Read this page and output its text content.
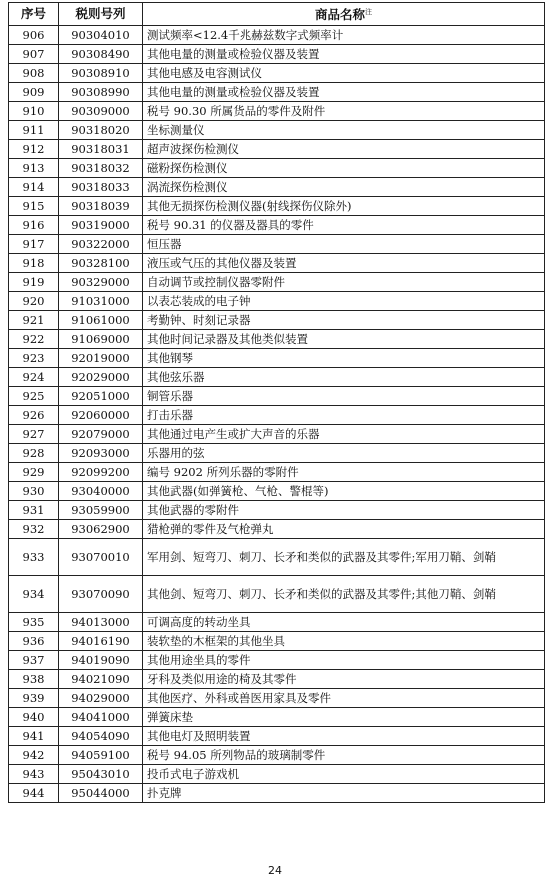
序号	税则号列	商品名称$^注$
906	90304010	测试频率<12.4千兆赫兹数字式频率计
907	90308490	其他电量的测量或检验仪器及装置
908	90308910	其他电感及电容测试仪
909	90308990	其他电量的测量或检验仪器及装置
910	90309000	税号 90.30 所属货品的零件及附件
911	90318020	坐标测量仪
912	90318031	超声波探伤检测仪
913	90318032	磁粉探伤检测仪
914	90318033	涡流探伤检测仪
915	90318039	其他无损探伤检测仪器(射线探伤仪除外)
916	90319000	税号 90.31 的仪器及器具的零件
917	90322000	恒压器
918	90328100	液压或气压的其他仪器及装置
919	90329000	自动调节或控制仪器零附件
920	91031000	以表芯装成的电子钟
921	91061000	考勤钟、时刻记录器
922	91069000	其他时间记录器及其他类似装置
923	92019000	其他钢琴
924	92029000	其他弦乐器
925	92051000	铜管乐器
926	92060000	打击乐器
927	92079000	其他通过电产生或扩大声音的乐器
928	92093000	乐器用的弦
929	92099200	编号 9202 所列乐器的零附件
930	93040000	其他武器(如弹簧枪、气枪、警棍等)
931	93059900	其他武器的零附件
932	93062900	猎枪弹的零件及气枪弹丸
933	93070010	军用剑、短弯刀、刺刀、长矛和类似的武器及其零件;军用刀鞘、剑鞘
934	93070090	其他剑、短弯刀、刺刀、长矛和类似的武器及其零件;其他刀鞘、剑鞘
935	94013000	可调高度的转动坐具
936	94016190	装软垫的木框架的其他坐具
937	94019090	其他用途坐具的零件
938	94021090	牙科及类似用途的椅及其零件
939	94029000	其他医疗、外科或兽医用家具及零件
940	94041000	弹簧床垫
941	94054090	其他电灯及照明装置
942	94059100	税号 94.05 所列物品的玻璃制零件
943	95043010	投币式电子游戏机
944	95044000	扑克牌
24
